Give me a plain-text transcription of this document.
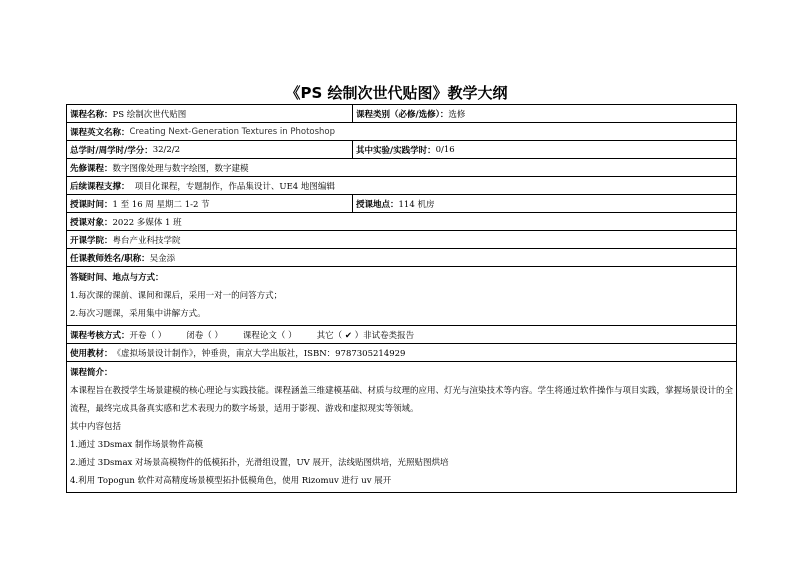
《PS 绘制次世代贴图》教学大纲
课程名称： PS 绘制次世代贴图	课程类别（必修/选修）： 选修
课程英文名称： Creating Next-Generation Textures in Photoshop
总学时/周学时/学分： 32/2/2	其中实验/实践学时： 0/16
先修课程： 数字图像处理与数字绘图，数字建模
后续课程支撑：
项目化课程，专题制作，作品集设计、UE4 地图编辑
授课时间： 1 至 16 周 星期二 1-2 节	授课地点： 114 机房
授课对象： 2022 多媒体 1 班
开课学院： 粤台产业科技学院
任课教师姓名/职称： 吴金添
答疑时间、地点与方式：
1.每次课的课前、课间和课后，采用一对一的问答方式；
2.每次习题课，采用集中讲解方式。
课程考核方式： 开卷（ ） 闭卷（ ） 课程论文（ ） 其它（ ✔ ）非试卷类报告
使用教材： 《虚拟场景设计制作》，钟垂贵，南京大学出版社，ISBN：9787305214929
课程简介：
本课程旨在教授学生场景建模的核心理论与实践技能。课程涵盖三维建模基础、材质与纹理的应用、灯光与渲染技术等内容。学生将通过软件操作与项目实践，掌握场景设计的全流程，最终完成具备真实感和艺术表现力的数字场景，适用于影视、游戏和虚拟现实等领域。
其中内容包括
1.通过 3Dsmax 制作场景物件高模
2.通过 3Dsmax 对场景高模物件的低模拓扑，光滑组设置，UV 展开，法线贴图烘培，光照贴图烘培
4.利用 Topogun 软件对高精度场景模型拓扑低模角色，使用 Rizomuv 进行 uv 展开
